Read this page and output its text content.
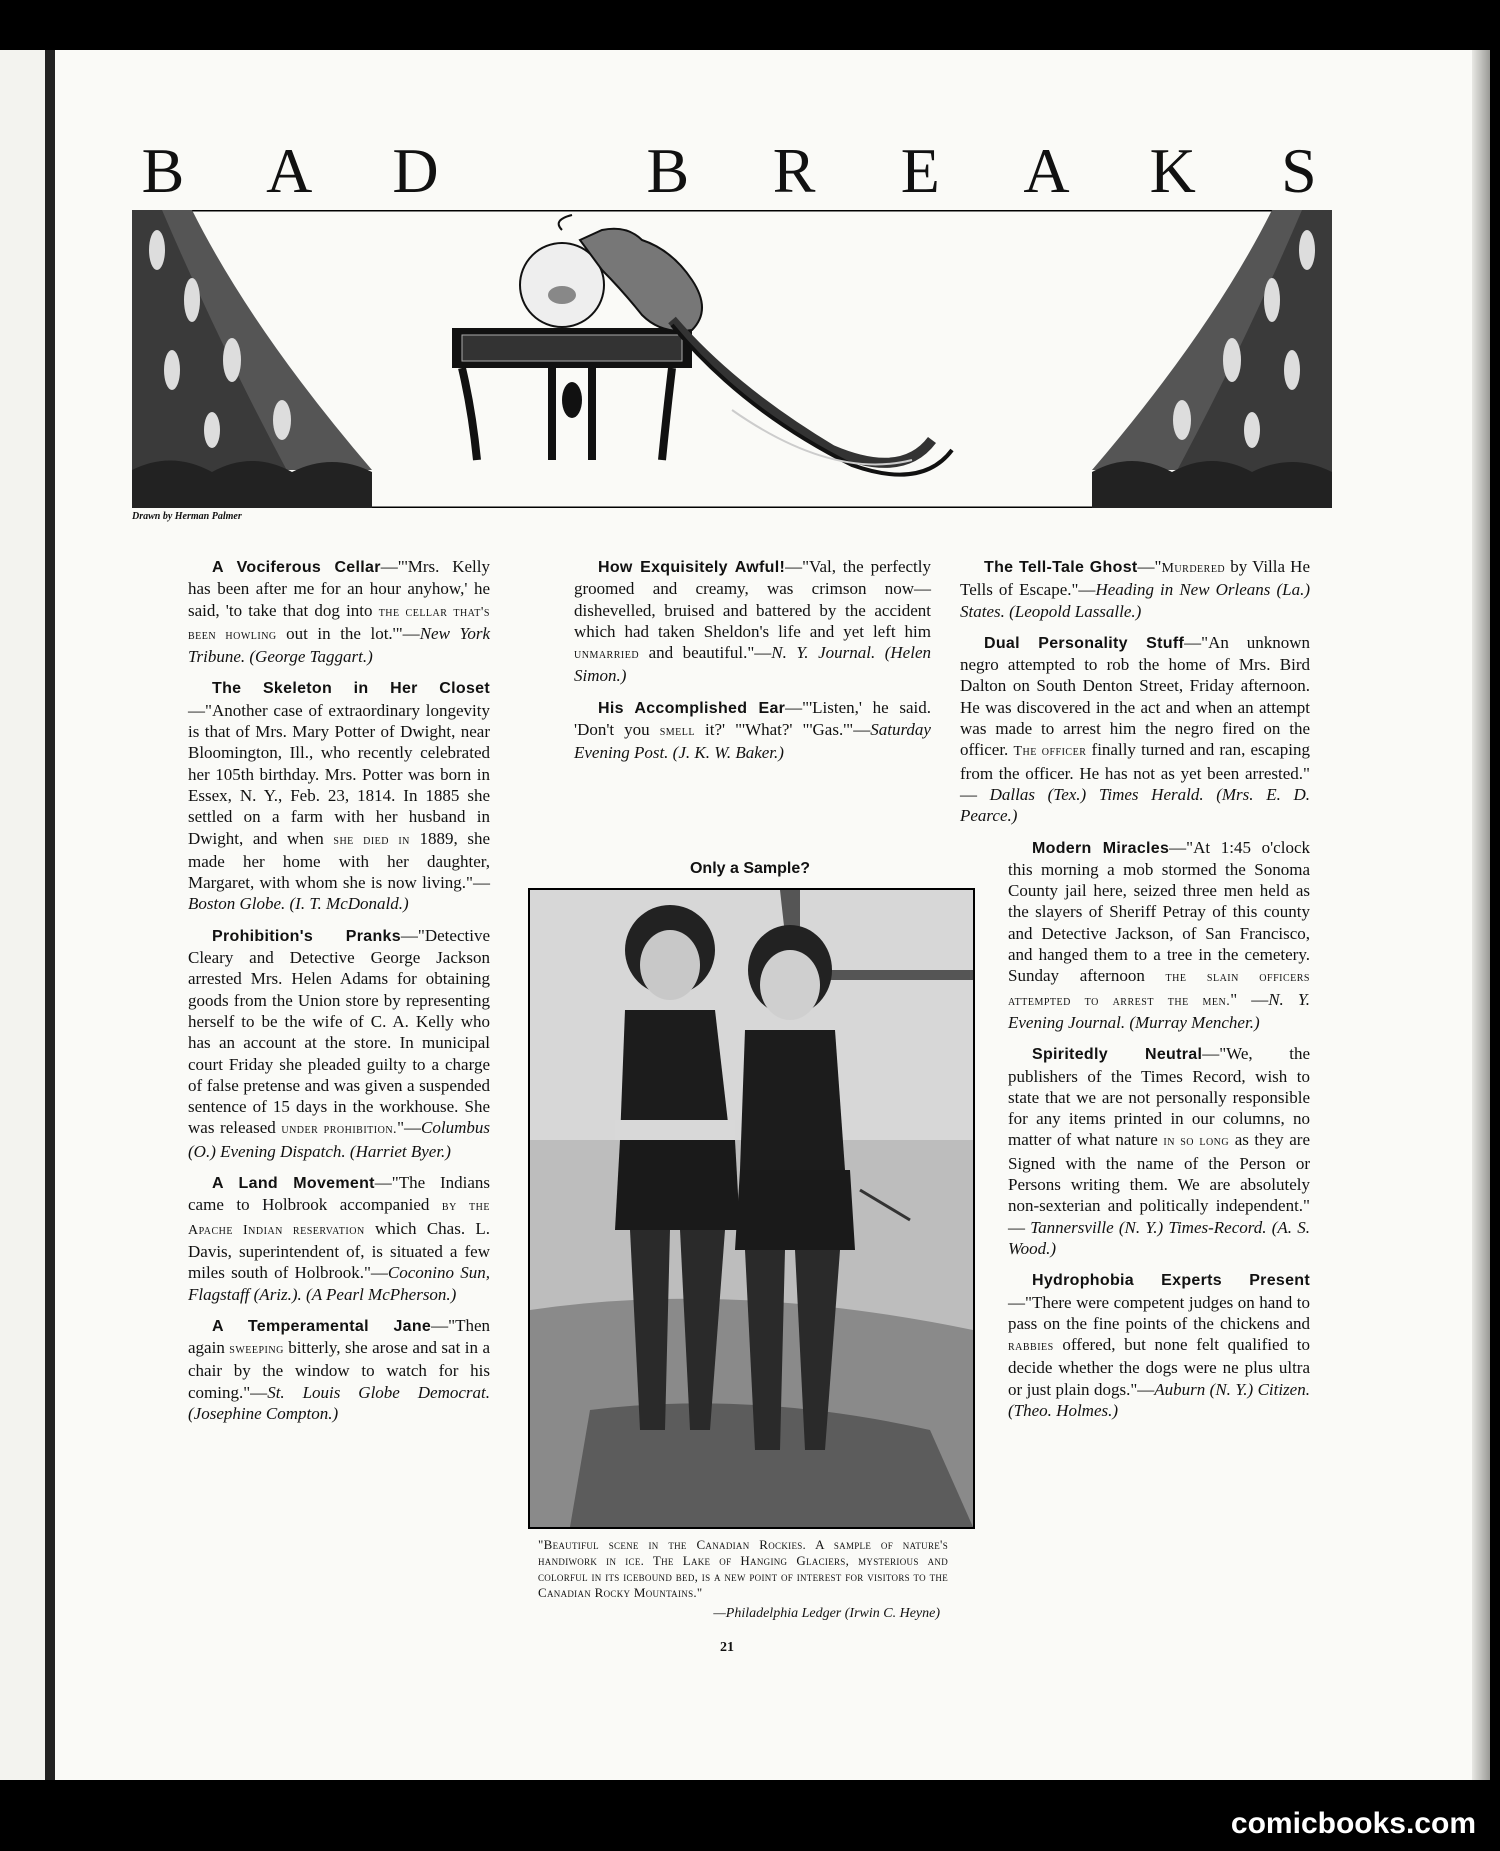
B A D	B R E A K S
Drawn by Herman Palmer

A Vociferous Cellar—"'Mrs. Kelly has been after me for an hour anyhow,' he said, 'to take that dog into the cellar that's been howling out in the lot.'"—New York Tribune. (George Taggart.)

The Skeleton in Her Closet—"Another case of extraordinary longevity is that of Mrs. Mary Potter of Dwight, near Bloomington, Ill., who recently celebrated her 105th birthday. Mrs. Potter was born in Essex, N. Y., Feb. 23, 1814. In 1885 she settled on a farm with her husband in Dwight, and when she died in 1889, she made her home with her daughter, Margaret, with whom she is now living."—Boston Globe. (I. T. McDonald.)

Prohibition's Pranks—"Detective Cleary and Detective George Jackson arrested Mrs. Helen Adams for obtaining goods from the Union store by representing herself to be the wife of C. A. Kelly who has an account at the store. In municipal court Friday she pleaded guilty to a charge of false pretense and was given a suspended sentence of 15 days in the workhouse. She was released under prohibition."—Columbus (O.) Evening Dispatch. (Harriet Byer.)

A Land Movement—"The Indians came to Holbrook accompanied by the Apache Indian reservation which Chas. L. Davis, superintendent of, is situated a few miles south of Holbrook."—Coconino Sun, Flagstaff (Ariz.). (A Pearl McPherson.)

A Temperamental Jane—"Then again sweeping bitterly, she arose and sat in a chair by the window to watch for his coming."—St. Louis Globe Democrat. (Josephine Compton.)

How Exquisitely Awful!—"Val, the perfectly groomed and creamy, was crimson now—dishevelled, bruised and battered by the accident which had taken Sheldon's life and yet left him unmarried and beautiful."—N. Y. Journal. (Helen Simon.)

His Accomplished Ear—"'Listen,' he said. 'Don't you smell it?' "'What?' "'Gas.'"—Saturday Evening Post. (J. K. W. Baker.)

Only a Sample?
"Beautiful scene in the Canadian Rockies. A sample of nature's handiwork in ice. The Lake of Hanging Glaciers, mysterious and colorful in its icebound bed, is a new point of interest for visitors to the Canadian Rocky Mountains."
—Philadelphia Ledger (Irwin C. Heyne)

The Tell-Tale Ghost—"Murdered by Villa He Tells of Escape."—Heading in New Orleans (La.) States. (Leopold Lassalle.)

Dual Personality Stuff—"An unknown negro attempted to rob the home of Mrs. Bird Dalton on South Denton Street, Friday afternoon. He was discovered in the act and when an attempt was made to arrest him the negro fired on the officer. The officer finally turned and ran, escaping from the officer. He has not as yet been arrested." — Dallas (Tex.) Times Herald. (Mrs. E. D. Pearce.)

Modern Miracles—"At 1:45 o'clock this morning a mob stormed the Sonoma County jail here, seized three men held as the slayers of Sheriff Petray of this county and Detective Jackson, of San Francisco, and hanged them to a tree in the cemetery. Sunday afternoon the slain officers attempted to arrest the men." —N. Y. Evening Journal. (Murray Mencher.)

Spiritedly Neutral—"We, the publishers of the Times Record, wish to state that we are not personally responsible for any items printed in our columns, no matter of what nature in so long as they are Signed with the name of the Person or Persons writing them. We are absolutely non-sexterian and politically independent." — Tannersville (N. Y.) Times-Record. (A. S. Wood.)

Hydrophobia Experts Present—"There were competent judges on hand to pass on the fine points of the chickens and rabbies offered, but none felt qualified to decide whether the dogs were ne plus ultra or just plain dogs."—Auburn (N. Y.) Citizen. (Theo. Holmes.)

21
comicbooks.com
